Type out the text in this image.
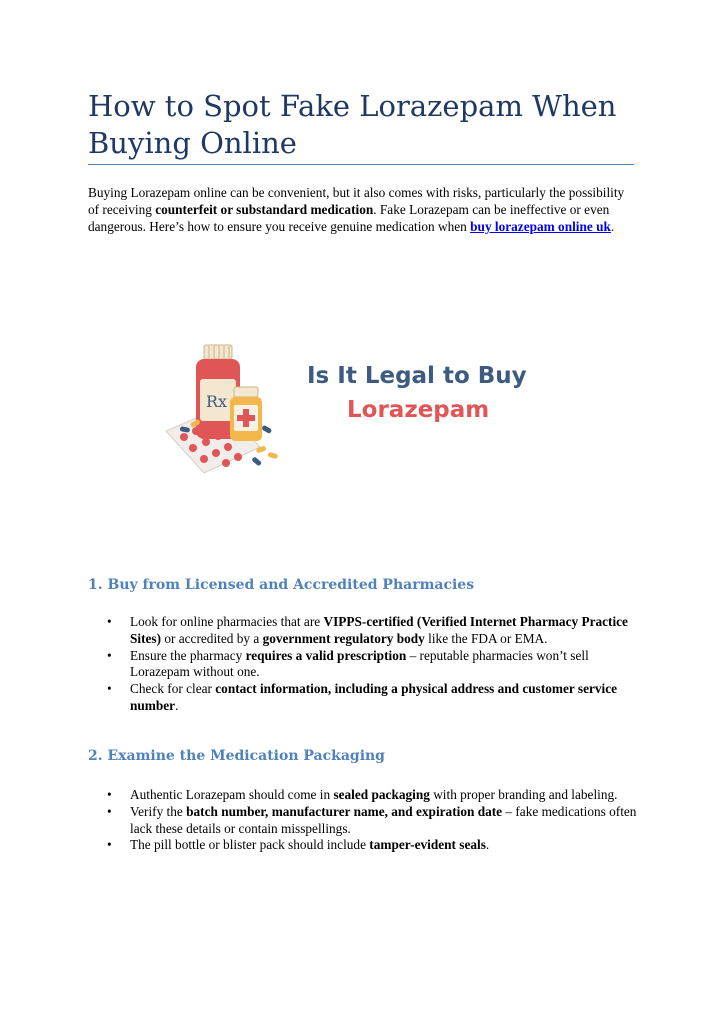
How to Spot Fake Lorazepam When Buying Online

Buying Lorazepam online can be convenient, but it also comes with risks, particularly the possibility of receiving counterfeit or substandard medication. Fake Lorazepam can be ineffective or even dangerous. Here’s how to ensure you receive genuine medication when buy lorazepam online uk.

Rx
Is It Legal to Buy
Lorazepam
1. Buy from Licensed and Accredited Pharmacies
• Look for online pharmacies that are VIPPS-certified (Verified Internet Pharmacy Practice Sites) or accredited by a government regulatory body like the FDA or EMA.
• Ensure the pharmacy requires a valid prescription – reputable pharmacies won’t sell Lorazepam without one.
• Check for clear contact information, including a physical address and customer service number.
2. Examine the Medication Packaging
• Authentic Lorazepam should come in sealed packaging with proper branding and labeling.
• Verify the batch number, manufacturer name, and expiration date – fake medications often lack these details or contain misspellings.
• The pill bottle or blister pack should include tamper-evident seals.
